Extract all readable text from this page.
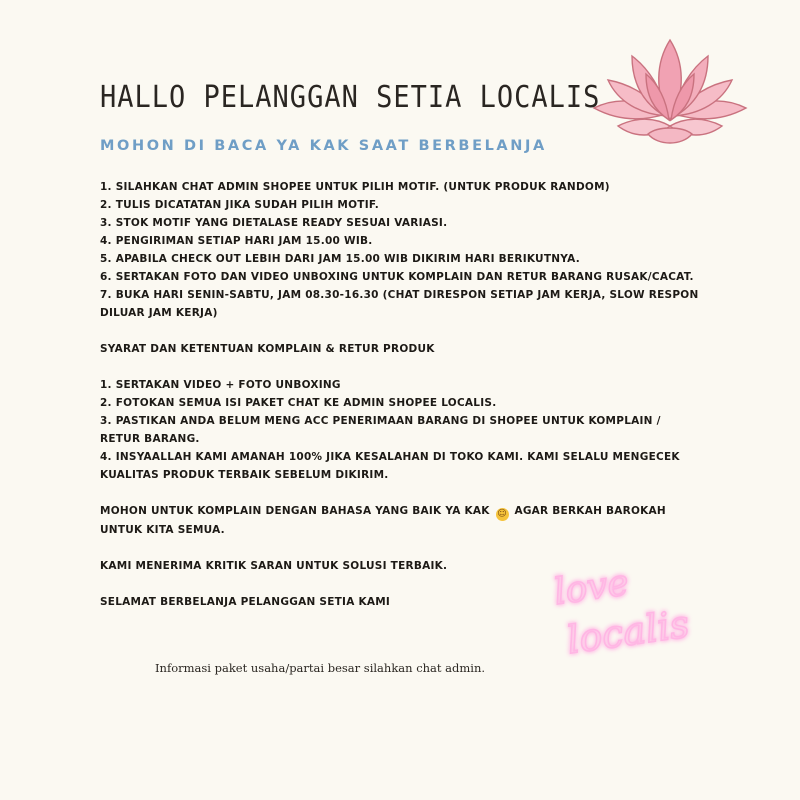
HALLO PELANGGAN SETIA LOCALIS
MOHON DI BACA YA KAK SAAT BERBELANJA
1. SILAHKAN CHAT ADMIN SHOPEE UNTUK PILIH MOTIF. (UNTUK PRODUK RANDOM)
2. TULIS DICATATAN JIKA SUDAH PILIH MOTIF.
3. STOK MOTIF YANG DIETALASE READY SESUAI VARIASI.
4. PENGIRIMAN SETIAP HARI JAM 15.00 WIB.
5. APABILA CHECK OUT LEBIH DARI JAM 15.00 WIB DIKIRIM HARI BERIKUTNYA.
6. SERTAKAN FOTO DAN VIDEO UNBOXING UNTUK KOMPLAIN DAN RETUR BARANG RUSAK/CACAT.
7. BUKA HARI SENIN-SABTU, JAM 08.30-16.30 (CHAT DIRESPON SETIAP JAM KERJA, SLOW RESPON DILUAR JAM KERJA)

SYARAT DAN KETENTUAN KOMPLAIN & RETUR PRODUK

1. SERTAKAN VIDEO + FOTO UNBOXING
2. FOTOKAN SEMUA ISI PAKET CHAT KE ADMIN SHOPEE LOCALIS.
3. PASTIKAN ANDA BELUM MENG ACC PENERIMAAN BARANG DI SHOPEE UNTUK KOMPLAIN / RETUR BARANG.
4. INSYAALLAH KAMI AMANAH 100% JIKA KESALAHAN DI TOKO KAMI. KAMI SELALU MENGECEK KUALITAS PRODUK TERBAIK SEBELUM DIKIRIM.

MOHON UNTUK KOMPLAIN DENGAN BAHASA YANG BAIK YA KAK ☺ AGAR BERKAH BAROKAH UNTUK KITA SEMUA.

KAMI MENERIMA KRITIK SARAN UNTUK SOLUSI TERBAIK.

SELAMAT BERBELANJA PELANGGAN SETIA KAMI

Informasi paket usaha/partai besar silahkan chat admin.
love
localis
